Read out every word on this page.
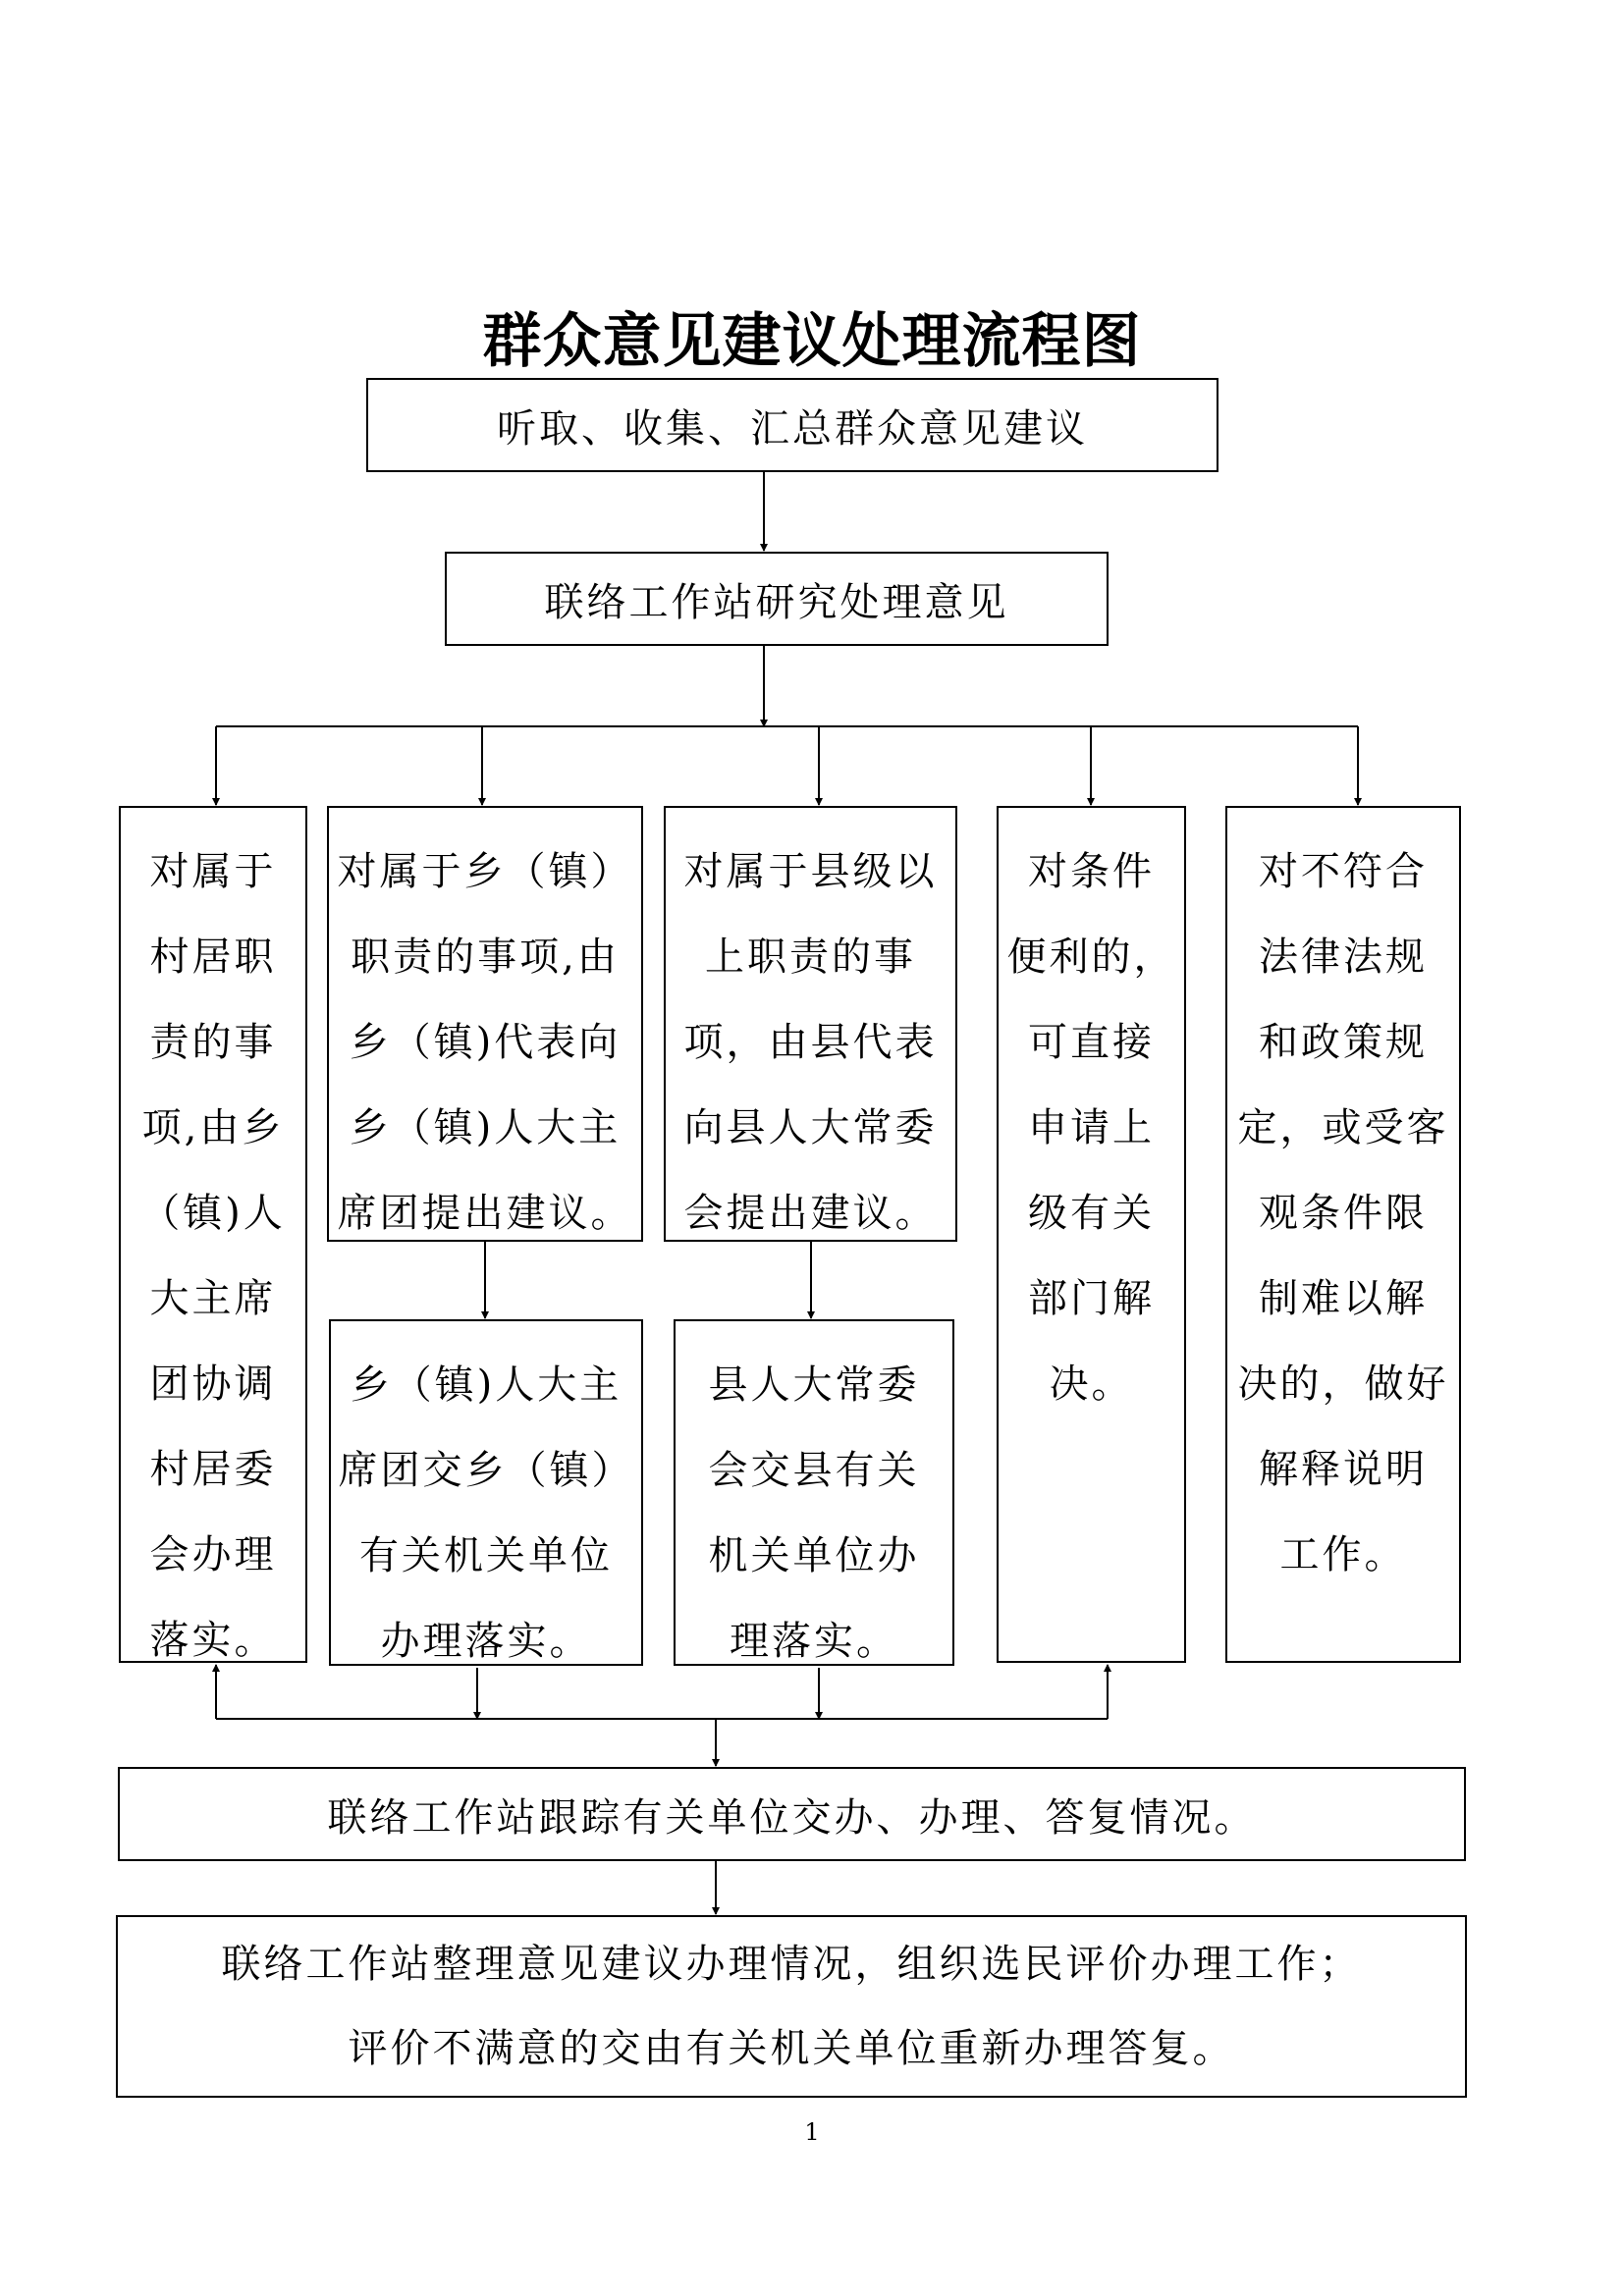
群众意见建议处理流程图
听取、收集、汇总群众意见建议
联络工作站研究处理意见
对属于
村居职
责的事
项,由乡
（镇)人
大主席
团协调
村居委
会办理
落实。
对属于乡（镇）
职责的事项,由
乡（镇)代表向
乡（镇)人大主
席团提出建议。
乡（镇)人大主
席团交乡（镇）
有关机关单位
办理落实。
对属于县级以
上职责的事
项，由县代表
向县人大常委
会提出建议。
县人大常委
会交县有关
机关单位办
理落实。
对条件
便利的，
可直接
申请上
级有关
部门解
决。
对不符合
法律法规
和政策规
定，或受客
观条件限
制难以解
决的，做好
解释说明
工作。
联络工作站跟踪有关单位交办、办理、答复情况。
联络工作站整理意见建议办理情况，组织选民评价办理工作；
评价不满意的交由有关机关单位重新办理答复。
1
